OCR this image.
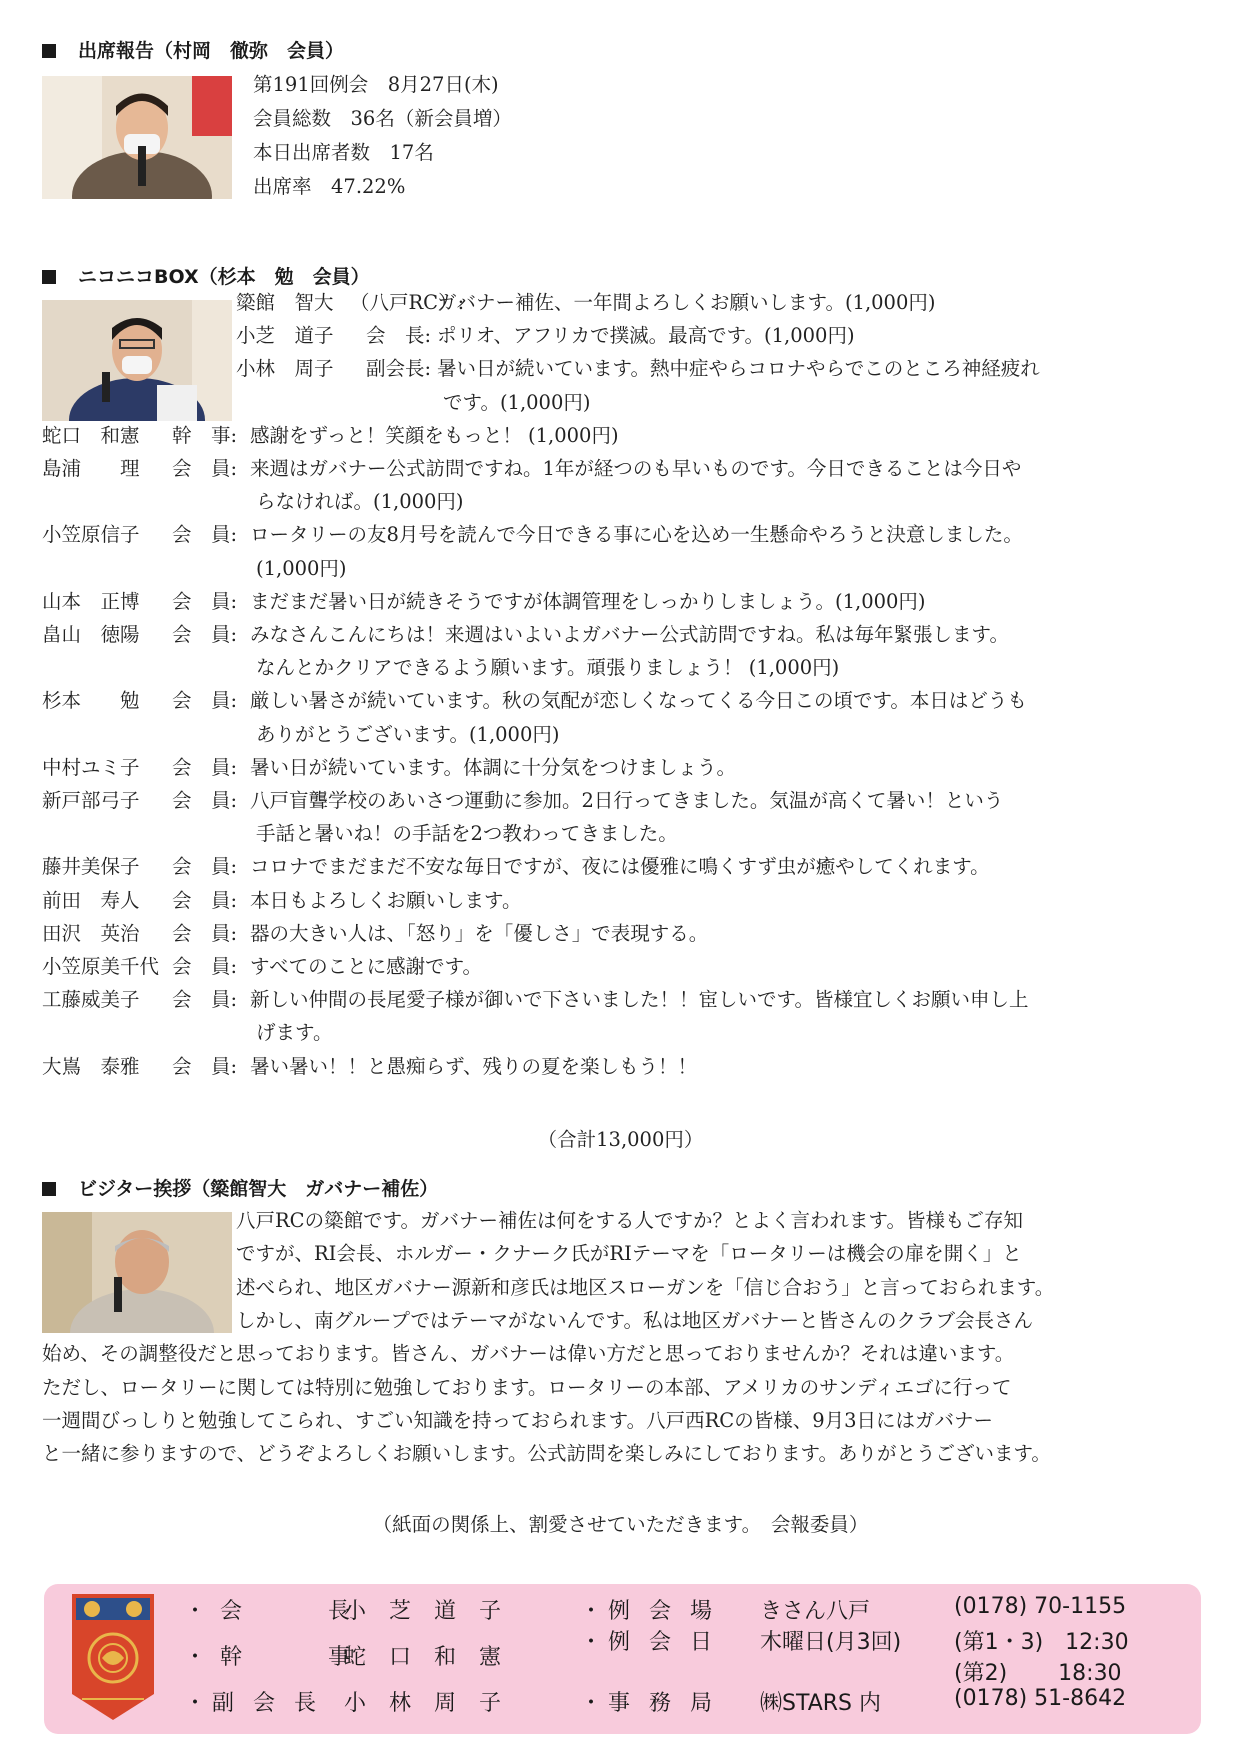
出席報告（村岡　徹弥　会員）
第191回例会　8月27日(木)
会員総数　36名（新会員増）
本日出席者数　17名
出席率　47.22%
ニコニコBOX（杉本　勉　会員）
簗館　智大 （八戸RC）:
ガバナー補佐、一年間よろしくお願いします。(1,000円)
小芝　道子 会　長: ポリオ、アフリカで撲滅。最高です。(1,000円)
小林　周子 副会長: 暑い日が続いています。熱中症やらコロナやらでこのところ神経疲れ
です。(1,000円)
蛇口　和憲 幹　事: 感謝をずっと！笑顔をもっと！ (1,000円)
島浦　　理 会　員: 来週はガバナー公式訪問ですね。1年が経つのも早いものです。今日できることは今日や
らなければ。(1,000円)
小笠原信子 会　員: ロータリーの友8月号を読んで今日できる事に心を込め一生懸命やろうと決意しました。
(1,000円)
山本　正博 会　員: まだまだ暑い日が続きそうですが体調管理をしっかりしましょう。(1,000円)
畠山　徳陽 会　員: みなさんこんにちは！来週はいよいよガバナー公式訪問ですね。私は毎年緊張します。
なんとかクリアできるよう願います。頑張りましょう！ (1,000円)
杉本　　勉 会　員: 厳しい暑さが続いています。秋の気配が恋しくなってくる今日この頃です。本日はどうも
ありがとうございます。(1,000円)
中村ユミ子 会　員: 暑い日が続いています。体調に十分気をつけましょう。
新戸部弓子 会　員: 八戸盲聾学校のあいさつ運動に参加。2日行ってきました。気温が高くて暑い！という
手話と暑いね！の手話を2つ教わってきました。
藤井美保子 会　員: コロナでまだまだ不安な毎日ですが、夜には優雅に鳴くすず虫が癒やしてくれます。
前田　寿人 会　員: 本日もよろしくお願いします。
田沢　英治 会　員: 器の大きい人は、「怒り」を「優しさ」で表現する。
小笠原美千代 会　員: すべてのことに感謝です。
工藤威美子 会　員: 新しい仲間の長尾愛子様が御いで下さいました！！宦しいです。皆様宜しくお願い申し上
げます。
大嶌　泰雅 会　員: 暑い暑い！！と愚痴らず、残りの夏を楽しもう！！
（合計13,000円）
ビジター挨拶（簗館智大　ガバナー補佐）
八戸RCの簗館です。ガバナー補佐は何をする人ですか？とよく言われます。皆様もご存知
ですが、RI会長、ホルガー・クナーク氏がRIテーマを「ロータリーは機会の扉を開く」と
述べられ、地区ガバナー源新和彦氏は地区スローガンを「信じ合おう」と言っておられます。
しかし、南グループではテーマがないんです。私は地区ガバナーと皆さんのクラブ会長さん
始め、その調整役だと思っております。皆さん、ガバナーは偉い方だと思っておりませんか？それは違います。
ただし、ロータリーに関しては特別に勉強しております。ロータリーの本部、アメリカのサンディエゴに行って
一週間びっしりと勉強してこられ、すごい知識を持っておられます。八戸西RCの皆様、9月3日にはガバナー
と一緒に参りますので、どうぞよろしくお願いします。公式訪問を楽しみにしております。ありがとうございます。
（紙面の関係上、割愛させていただきます。　会報委員）
・会　　長
小 芝 道 子
・幹　　事
蛇 口 和 憲
・副 会 長 小 林 周 子
・例 会 場 きさん八戸	(0178) 70-1155
・例 会 日 木曜日(月3回) (第1・3)　12:30
(第2)　　 18:30
・事 務 局 ㈱STARS 内	(0178) 51-8642
